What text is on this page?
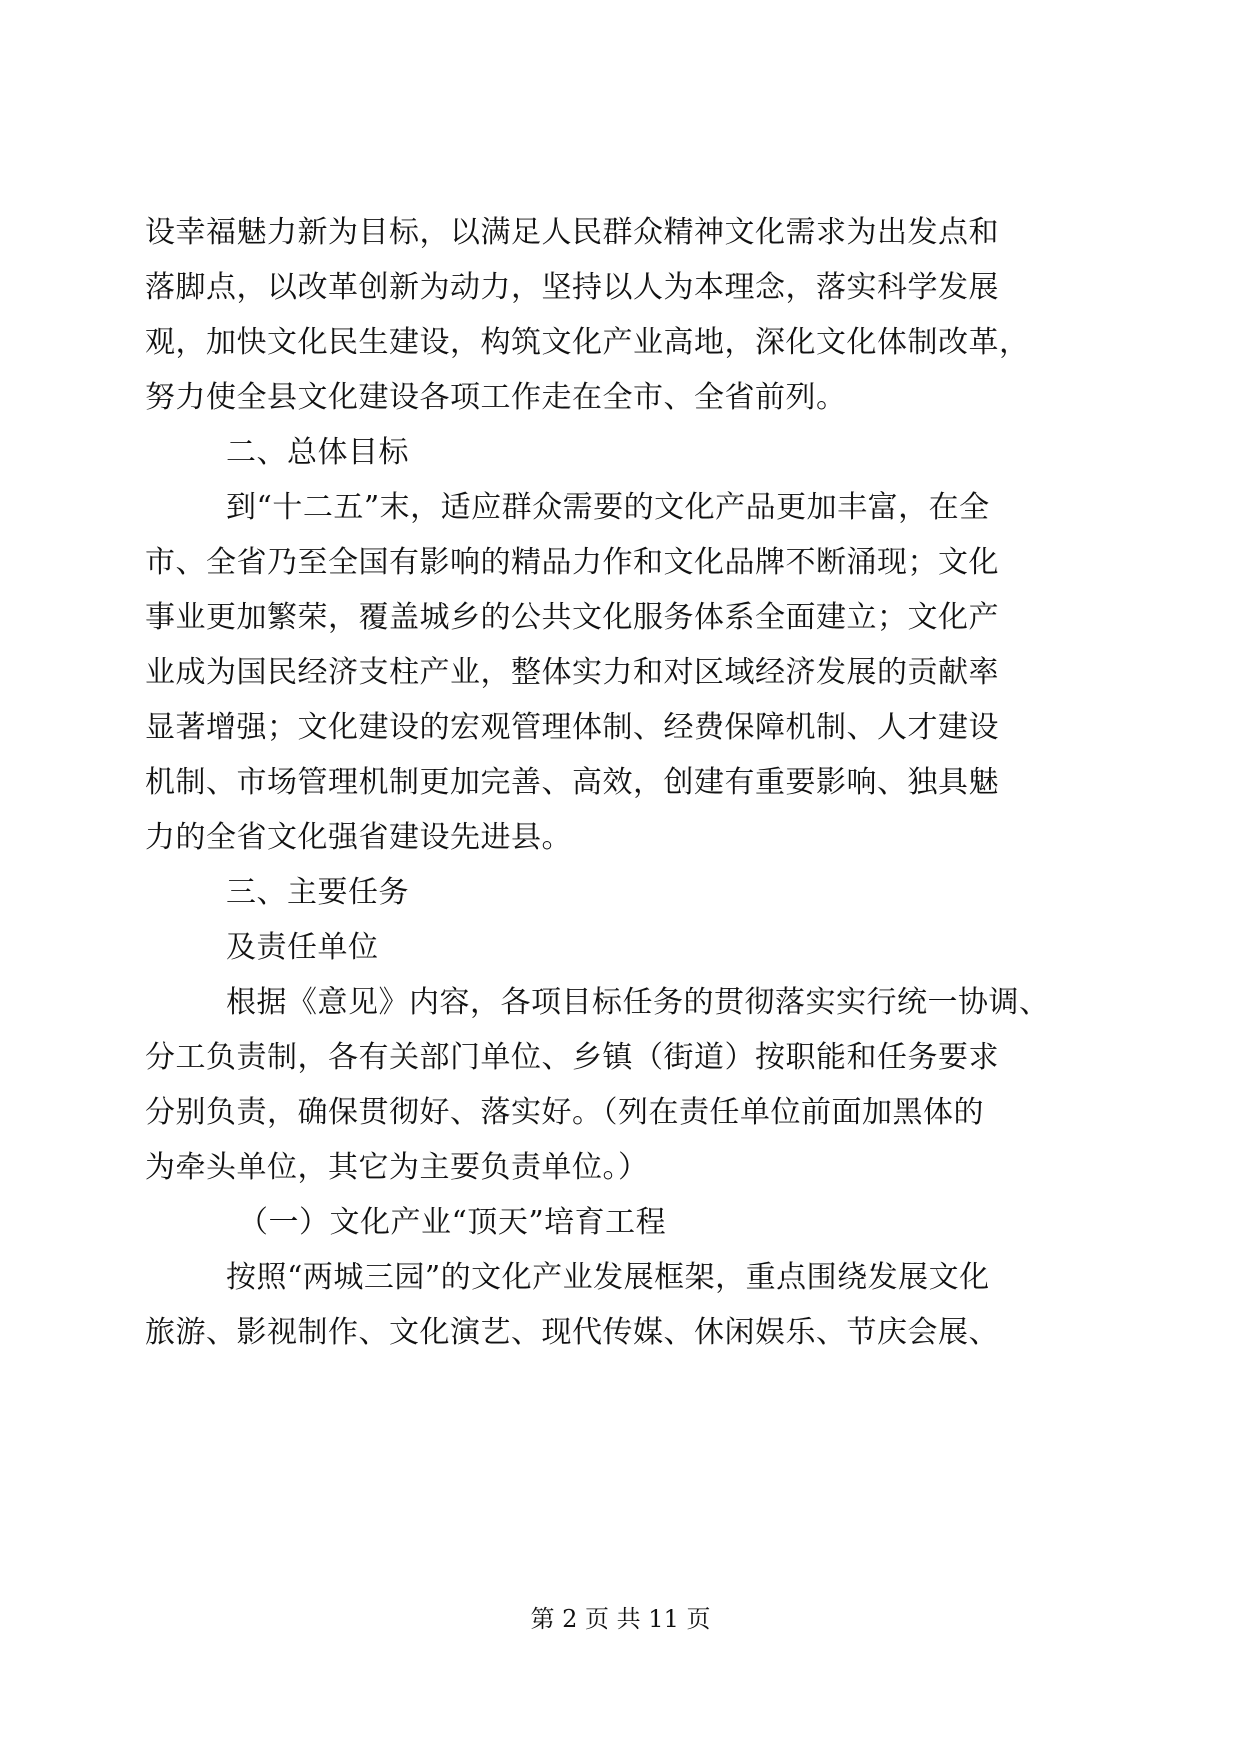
设幸福魅力新为目标，以满足人民群众精神文化需求为出发点和
落脚点，以改革创新为动力，坚持以人为本理念，落实科学发展
观，加快文化民生建设，构筑文化产业高地，深化文化体制改革，
努力使全县文化建设各项工作走在全市、全省前列。
二、总体目标
到“十二五”末，适应群众需要的文化产品更加丰富，在全
市、全省乃至全国有影响的精品力作和文化品牌不断涌现；文化
事业更加繁荣，覆盖城乡的公共文化服务体系全面建立；文化产
业成为国民经济支柱产业，整体实力和对区域经济发展的贡献率
显著增强；文化建设的宏观管理体制、经费保障机制、人才建设
机制、市场管理机制更加完善、高效，创建有重要影响、独具魅
力的全省文化强省建设先进县。
三、主要任务
及责任单位
根据《意见》内容，各项目标任务的贯彻落实实行统一协调、
分工负责制，各有关部门单位、乡镇（街道）按职能和任务要求
分别负责，确保贯彻好、落实好。（列在责任单位前面加黑体的
为牵头单位，其它为主要负责单位。）
（一）文化产业“顶天”培育工程
按照“两城三园”的文化产业发展框架，重点围绕发展文化
旅游、影视制作、文化演艺、现代传媒、休闲娱乐、节庆会展、
第 2 页 共 11 页
